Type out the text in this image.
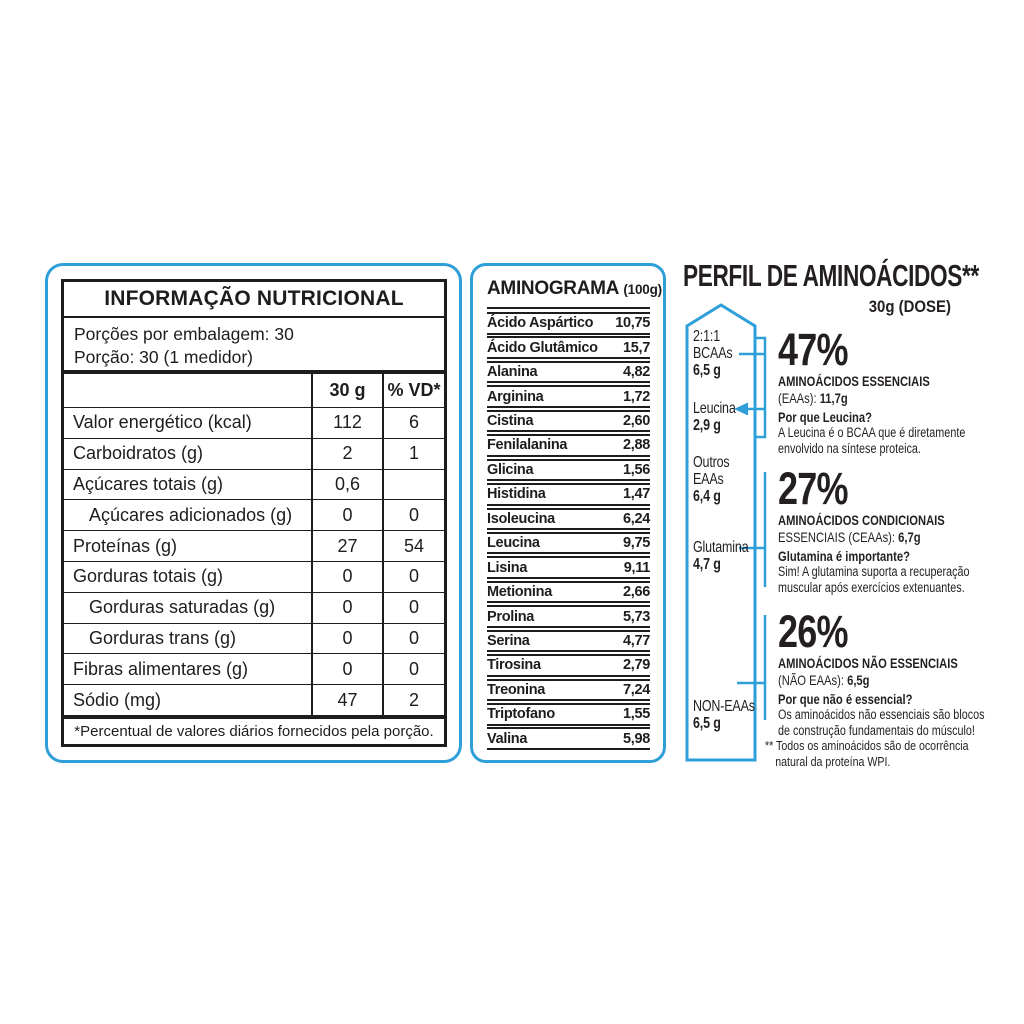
INFORMAÇÃO NUTRICIONAL
Porções por embalagem: 30
Porção: 30 (1 medidor)
30 g	% VD*
Valor energético (kcal)	112	6
Carboidratos (g)	2	1
Açúcares totais (g)	0,6
Açúcares adicionados (g)	0	0
Proteínas (g)	27	54
Gorduras totais (g)	0	0
Gorduras saturadas (g)	0	0
Gorduras trans (g)	0	0
Fibras alimentares (g)	0	0
Sódio (mg)	47	2
*Percentual de valores diários fornecidos pela porção.
AMINOGRAMA (100g)
Ácido Aspártico 10,75
Ácido Glutâmico 15,7
Alanina	4,82
Arginina	1,72
Cistina	2,60
Fenilalanina	2,88
Glicina	1,56
Histidina	1,47
Isoleucina	6,24
Leucina	9,75
Lisina	9,11
Metionina	2,66
Prolina	5,73
Serina	4,77
Tirosina	2,79
Treonina	7,24
Triptofano	1,55
Valina	5,98
PERFIL DE AMINOÁCIDOS**
30g (DOSE)
2:1:1
BCAAs
6,5 g
Leucina
2,9 g
Outros
EAAs
6,4 g
Glutamina
4,7 g
NON-EAAs
6,5 g
47%
AMINOÁCIDOS ESSENCIAIS
(EAAs): 11,7g
Por que Leucina?
A Leucina é o BCAA que é diretamente
envolvido na síntese proteica.
27%
AMINOÁCIDOS CONDICIONAIS
ESSENCIAIS (CEAAs): 6,7g
Glutamina é importante?
Sim! A glutamina suporta a recuperação
muscular após exercícios extenuantes.
26%
AMINOÁCIDOS NÃO ESSENCIAIS
(NÃO EAAs): 6,5g
Por que não é essencial?
Os aminoácidos não essenciais são blocos
de construção fundamentais do músculo!
** Todos os aminoácidos são de ocorrência
natural da proteína WPI.
